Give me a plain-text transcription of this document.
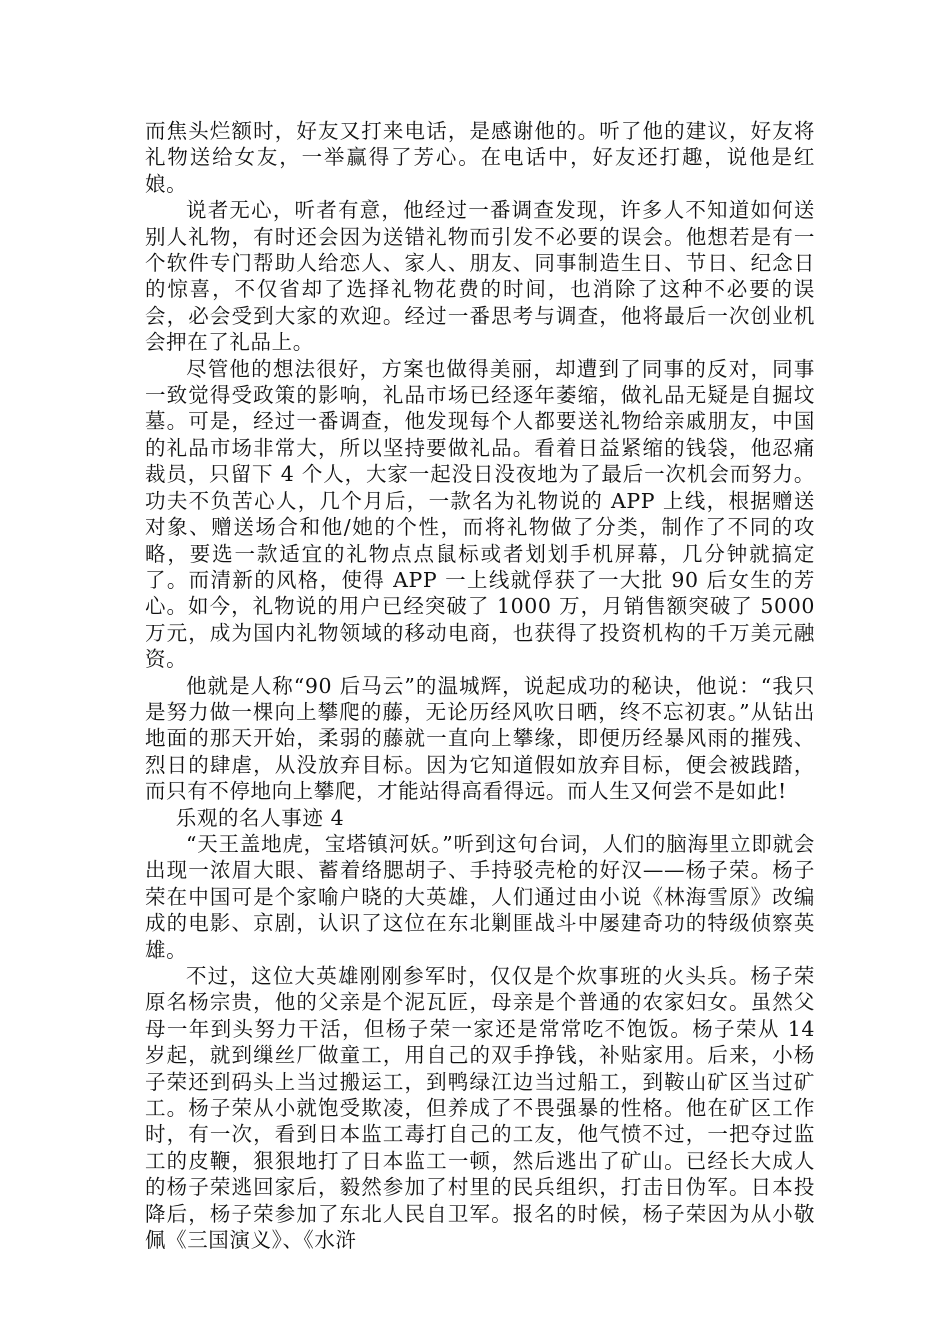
而焦头烂额时，好友又打来电话，是感谢他的。听了他的建议，好友将礼物送给女友，一举赢得了芳心。在电话中，好友还打趣，说他是红娘。

说者无心，听者有意，他经过一番调查发现，许多人不知道如何送别人礼物，有时还会因为送错礼物而引发不必要的误会。他想若是有一个软件专门帮助人给恋人、家人、朋友、同事制造生日、节日、纪念日的惊喜，不仅省却了选择礼物花费的时间，也消除了这种不必要的误会，必会受到大家的欢迎。经过一番思考与调查，他将最后一次创业机会押在了礼品上。

尽管他的想法很好，方案也做得美丽，却遭到了同事的反对，同事一致觉得受政策的影响，礼品市场已经逐年萎缩，做礼品无疑是自掘坟墓。可是，经过一番调查，他发现每个人都要送礼物给亲戚朋友，中国的礼品市场非常大，所以坚持要做礼品。看着日益紧缩的钱袋，他忍痛裁员，只留下 4 个人，大家一起没日没夜地为了最后一次机会而努力。功夫不负苦心人，几个月后，一款名为礼物说的 APP 上线，根据赠送对象、赠送场合和他/她的个性，而将礼物做了分类，制作了不同的攻略，要选一款适宜的礼物点点鼠标或者划划手机屏幕，几分钟就搞定了。而清新的风格，使得 APP 一上线就俘获了一大批 90 后女生的芳心。如今，礼物说的用户已经突破了 1000 万，月销售额突破了 5000 万元，成为国内礼物领域的移动电商，也获得了投资机构的千万美元融资。

他就是人称“90 后马云”的温城辉，说起成功的秘诀，他说：“我只是努力做一棵向上攀爬的藤，无论历经风吹日晒，终不忘初衷。”从钻出地面的那天开始，柔弱的藤就一直向上攀缘，即便历经暴风雨的摧残、烈日的肆虐，从没放弃目标。因为它知道假如放弃目标，便会被践踏，而只有不停地向上攀爬，才能站得高看得远。而人生又何尝不是如此!

乐观的名人事迹 4

“天王盖地虎，宝塔镇河妖。”听到这句台词，人们的脑海里立即就会出现一浓眉大眼、蓄着络腮胡子、手持驳壳枪的好汉——杨子荣。杨子荣在中国可是个家喻户晓的大英雄，人们通过由小说《林海雪原》改编成的电影、京剧，认识了这位在东北剿匪战斗中屡建奇功的特级侦察英雄。

不过，这位大英雄刚刚参军时，仅仅是个炊事班的火头兵。杨子荣原名杨宗贵，他的父亲是个泥瓦匠，母亲是个普通的农家妇女。虽然父母一年到头努力干活，但杨子荣一家还是常常吃不饱饭。杨子荣从 14 岁起，就到缫丝厂做童工，用自己的双手挣钱，补贴家用。后来，小杨子荣还到码头上当过搬运工，到鸭绿江边当过船工，到鞍山矿区当过矿工。杨子荣从小就饱受欺凌，但养成了不畏强暴的性格。他在矿区工作时，有一次，看到日本监工毒打自己的工友，他气愤不过，一把夺过监工的皮鞭，狠狠地打了日本监工一顿，然后逃出了矿山。已经长大成人的杨子荣逃回家后，毅然参加了村里的民兵组织，打击日伪军。日本投降后，杨子荣参加了东北人民自卫军。报名的时候，杨子荣因为从小敬佩《三国演义》、《水浒
